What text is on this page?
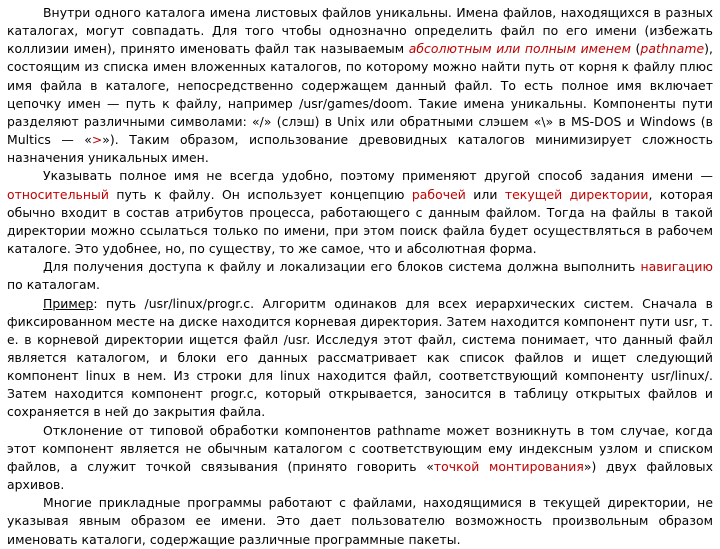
Внутри одного каталога имена листовых файлов уникальны. Имена файлов, находящихся в разных каталогах, могут совпадать. Для того чтобы однозначно определить файл по его имени (избежать коллизии имен), принято именовать файл так называемым абсолютным или полным именем (pathname), состоящим из списка имен вложенных каталогов, по которому можно найти путь от корня к файлу плюс имя файла в каталоге, непосредственно содержащем данный файл. То есть полное имя включает цепочку имен — путь к файлу, например /usr/games/doom. Такие имена уникальны. Компоненты пути разделяют различными символами: «/» (слэш) в Unix или обратными слэшем «\» в MS-DOS и Windows (в Multics — «>»). Таким образом, использование древовидных каталогов минимизирует сложность назначения уникальных имен.

Указывать полное имя не всегда удобно, поэтому применяют другой способ задания имени — относительный путь к файлу. Он использует концепцию рабочей или текущей директории, которая обычно входит в состав атрибутов процесса, работающего с данным файлом. Тогда на файлы в такой директории можно ссылаться только по имени, при этом поиск файла будет осуществляться в рабочем каталоге. Это удобнее, но, по существу, то же самое, что и абсолютная форма.

Для получения доступа к файлу и локализации его блоков система должна выполнить навигацию по каталогам.

Пример: путь /usr/linux/progr.c. Алгоритм одинаков для всех иерархических систем. Сначала в фиксированном месте на диске находится корневая директория. Затем находится компонент пути usr, т. е. в корневой директории ищется файл /usr. Исследуя этот файл, система понимает, что данный файл является каталогом, и блоки его данных рассматривает как список файлов и ищет следующий компонент linux в нем. Из строки для linux находится файл, соответствующий компоненту usr/linux/. Затем находится компонент progr.c, который открывается, заносится в таблицу открытых файлов и сохраняется в ней до закрытия файла.

Отклонение от типовой обработки компонентов pathname может возникнуть в том случае, когда этот компонент является не обычным каталогом с соответствующим ему индексным узлом и списком файлов, а служит точкой связывания (принято говорить «точкой монтирования») двух файловых архивов.

Многие прикладные программы работают с файлами, находящимися в текущей директории, не указывая явным образом ее имени. Это дает пользователю возможность произвольным образом именовать каталоги, содержащие различные программные пакеты.
